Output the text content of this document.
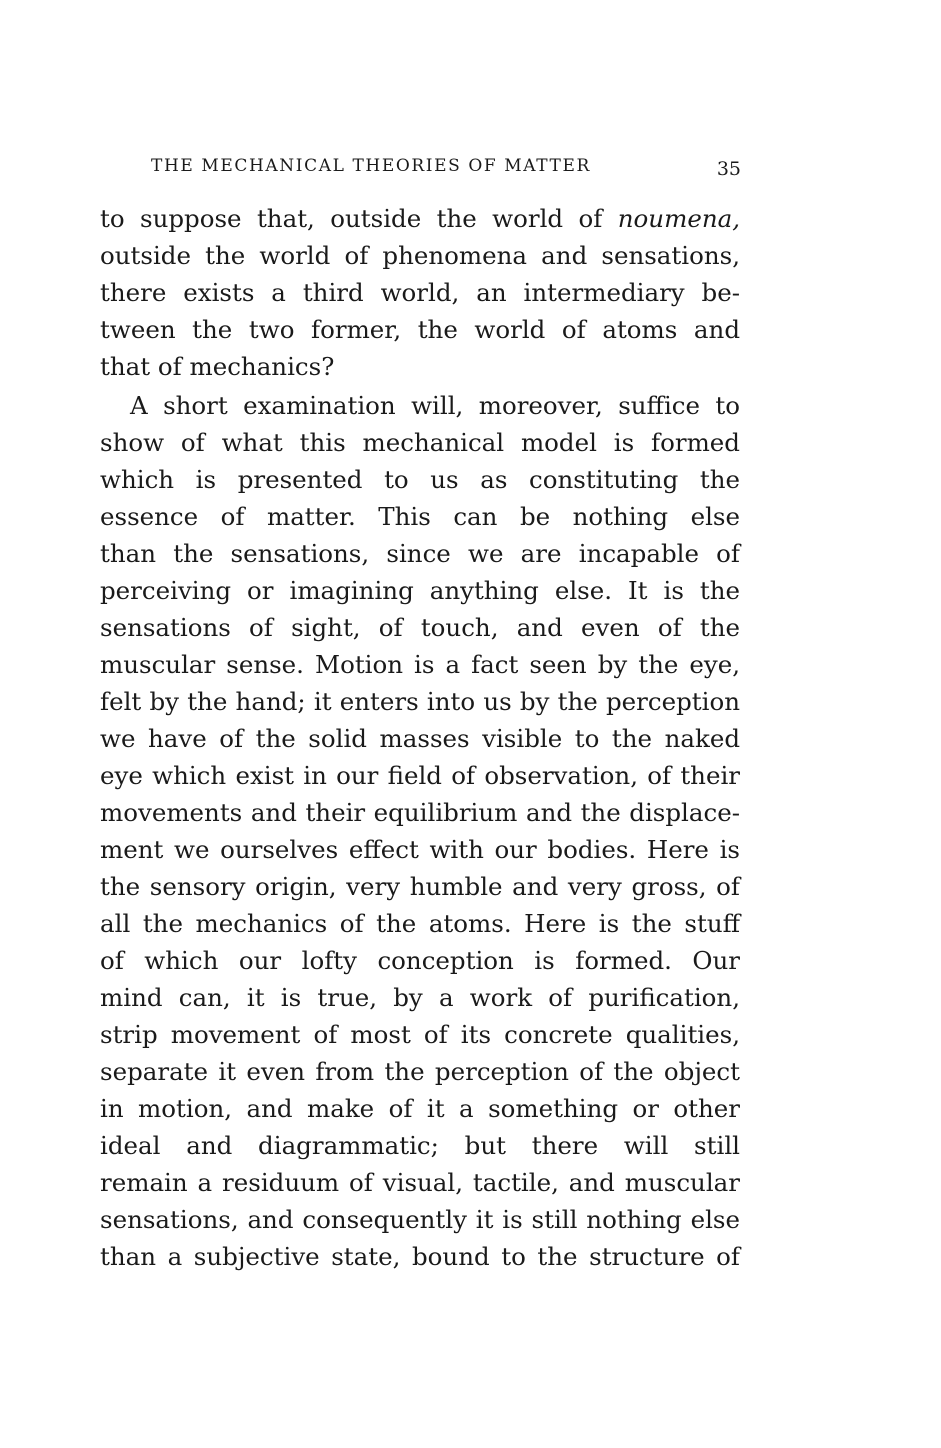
THE MECHANICAL THEORIES OF MATTER	35
to suppose that, outside the world of noumena,
outside the world of phenomena and sensations,
there exists a third world, an intermediary be-
tween the two former, the world of atoms and
that of mechanics?
A short examination will, moreover, suffice to
show of what this mechanical model is formed
which is presented to us as constituting the
essence of matter. This can be nothing else
than the sensations, since we are incapable of
perceiving or imagining anything else. It is the
sensations of sight, of touch, and even of the
muscular sense. Motion is a fact seen by the eye,
felt by the hand; it enters into us by the perception
we have of the solid masses visible to the naked
eye which exist in our field of observation, of their
movements and their equilibrium and the displace-
ment we ourselves effect with our bodies. Here is
the sensory origin, very humble and very gross, of
all the mechanics of the atoms. Here is the stuff
of which our lofty conception is formed. Our
mind can, it is true, by a work of purification,
strip movement of most of its concrete qualities,
separate it even from the perception of the object
in motion, and make of it a something or other
ideal and diagrammatic; but there will still
remain a residuum of visual, tactile, and muscular
sensations, and consequently it is still nothing else
than a subjective state, bound to the structure of
